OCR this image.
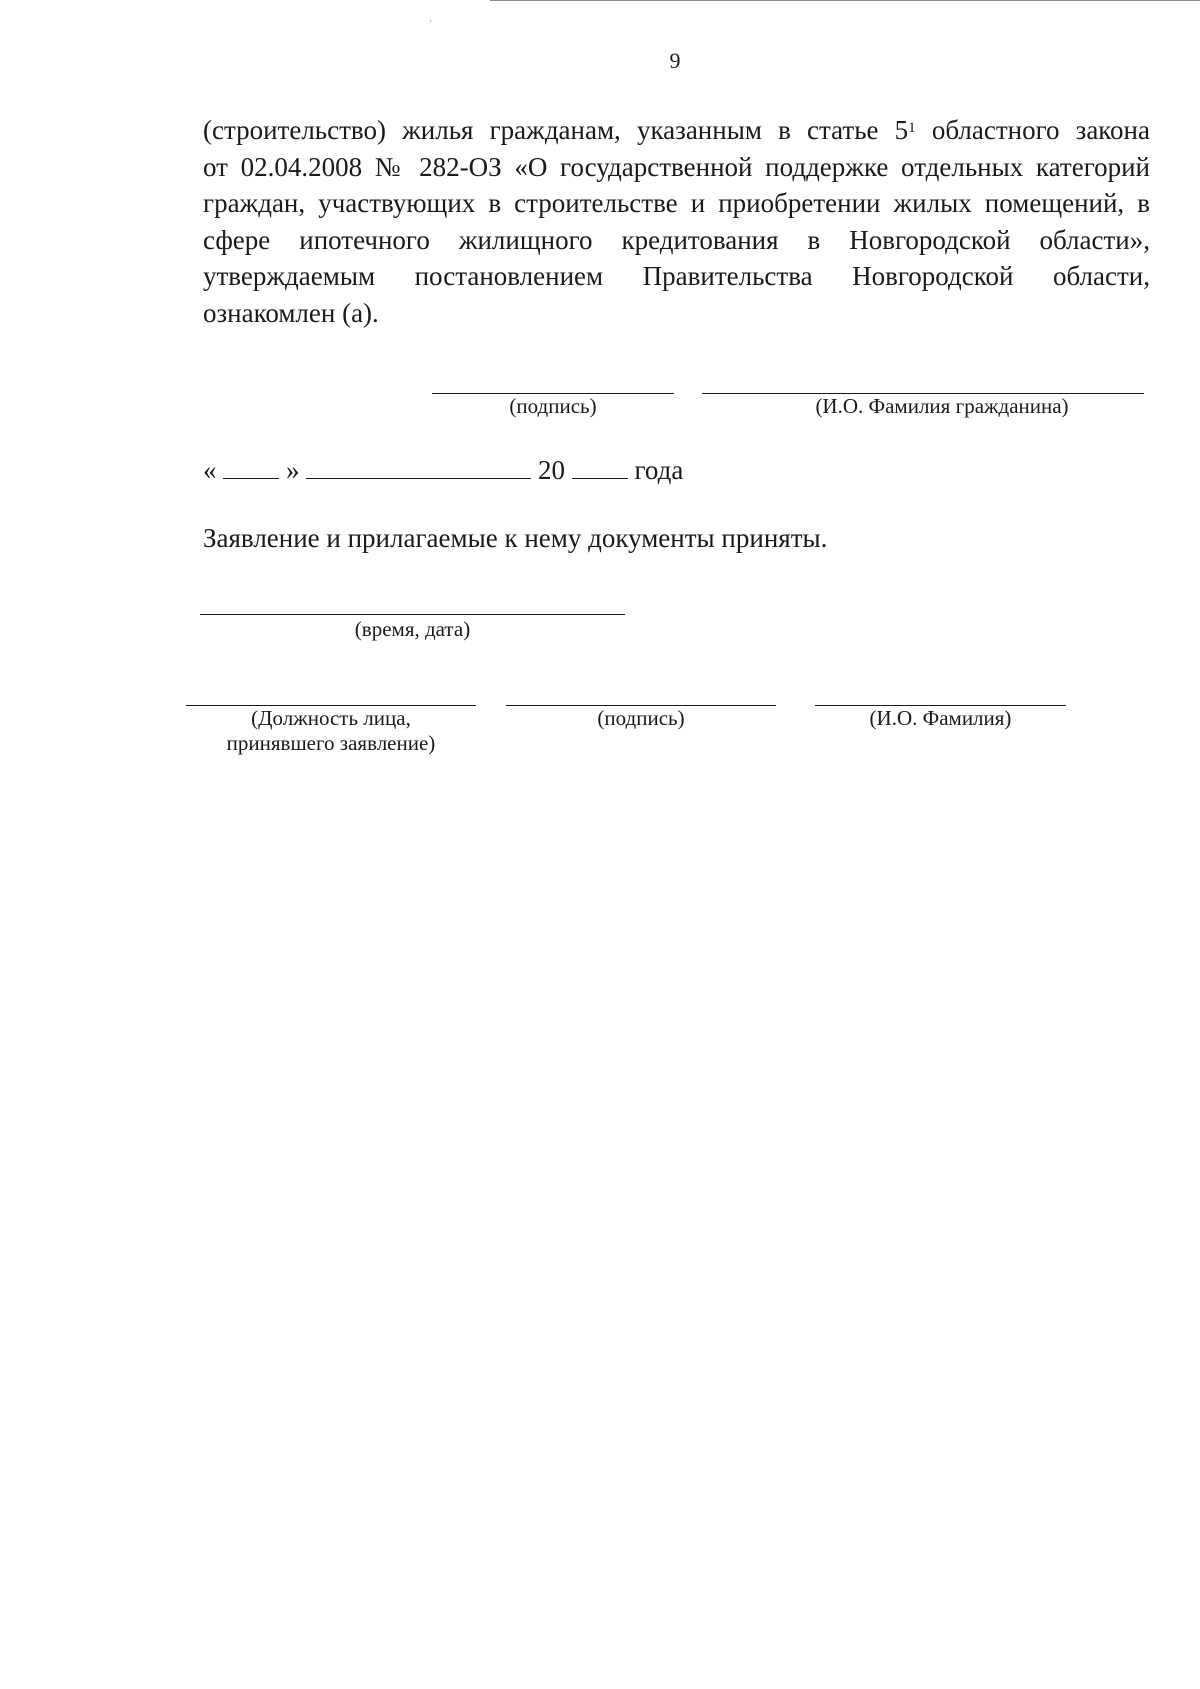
9
(строительство) жилья гражданам, указанным в статье $5^1$ областного закона
от 02.04.2008 № 282-ОЗ «О государственной поддержке отдельных категорий
граждан, участвующих в строительстве и приобретении жилых помещений, в
сфере ипотечного жилищного кредитования в Новгородской области»,
утверждаемым постановлением Правительства Новгородской области,
ознакомлен (а).
(подпись)	(И.О. Фамилия гражданина)
«	»	20	года
Заявление и прилагаемые к нему документы приняты.
(время, дата)
(Должность лица,
принявшего заявление)
(подпись)	(И.О. Фамилия)
